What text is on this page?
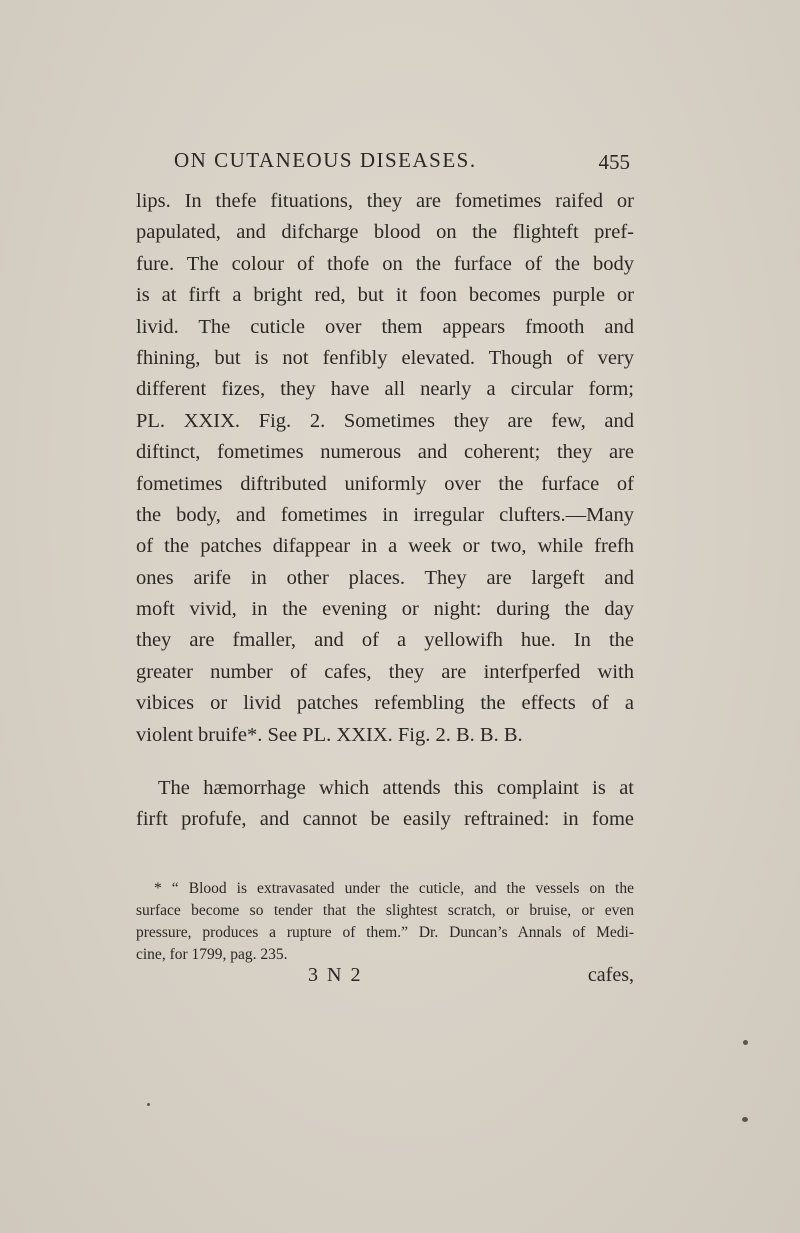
ON CUTANEOUS DISEASES.	455
lips. In thefe fituations, they are fometimes raifed or
papulated, and difcharge blood on the flighteft pref-
fure. The colour of thofe on the furface of the body
is at firft a bright red, but it foon becomes purple or
livid. The cuticle over them appears fmooth and
fhining, but is not fenfibly elevated. Though of very
different fizes, they have all nearly a circular form;
PL. XXIX. Fig. 2. Sometimes they are few, and
diftinct, fometimes numerous and coherent; they are
fometimes diftributed uniformly over the furface of
the body, and fometimes in irregular clufters.—Many
of the patches difappear in a week or two, while frefh
ones arife in other places. They are largeft and
moft vivid, in the evening or night: during the day
they are fmaller, and of a yellowifh hue. In the
greater number of cafes, they are interfperfed with
vibices or livid patches refembling the effects of a
violent bruife*. See PL. XXIX. Fig. 2. B. B. B.
The hæmorrhage which attends this complaint is at
firft profufe, and cannot be easily reftrained: in fome
* “ Blood is extravasated under the cuticle, and the vessels on the
surface become so tender that the slightest scratch, or bruise, or even
pressure, produces a rupture of them.” Dr. Duncan’s Annals of Medi-
cine, for 1799, pag. 235.
3 N 2	cafes,
